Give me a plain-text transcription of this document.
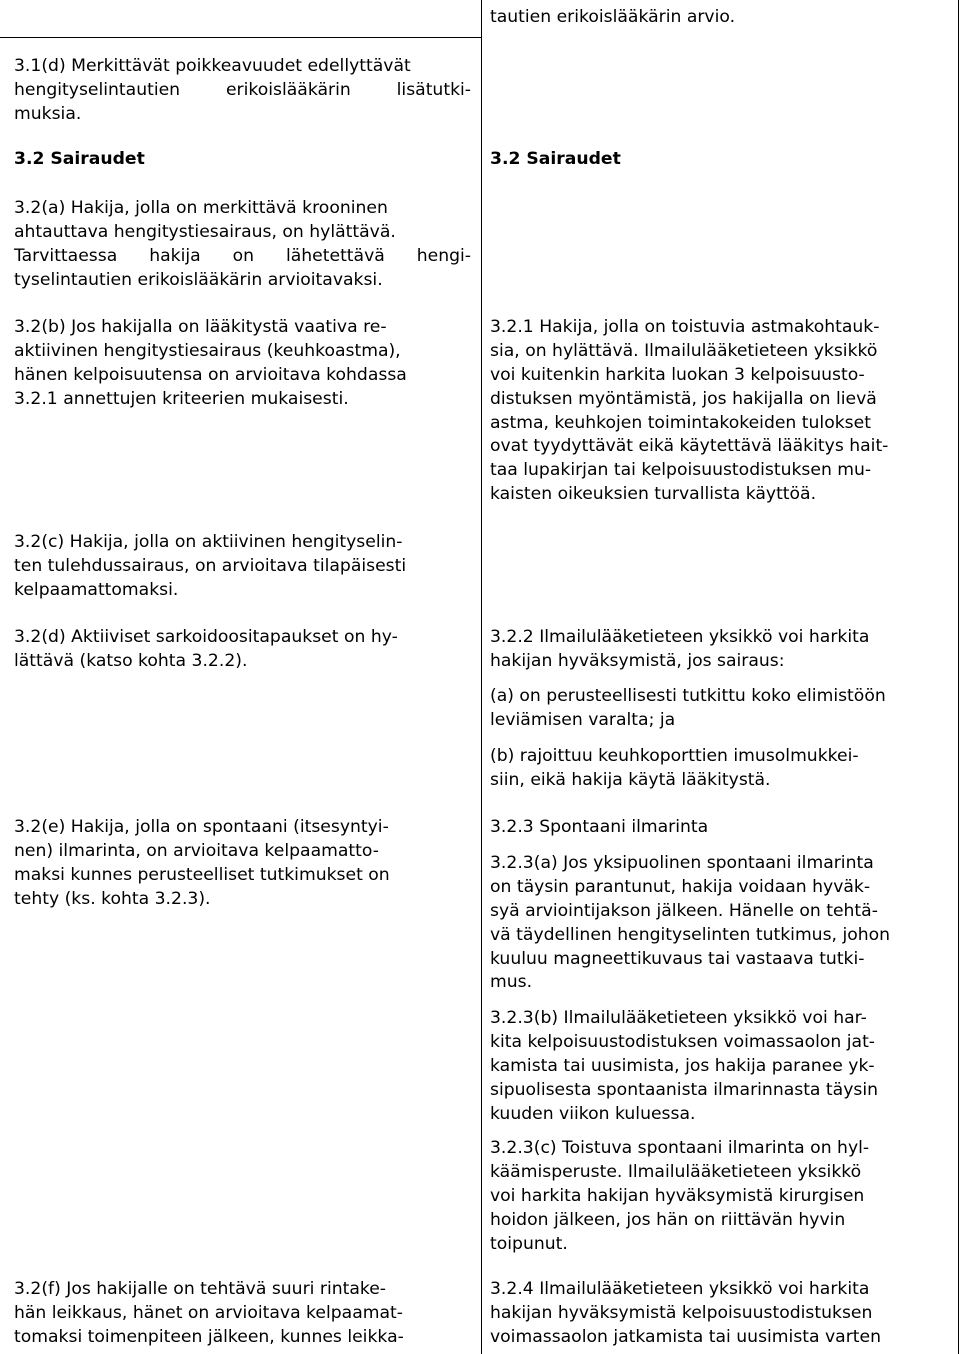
3.1(d) Merkittävät poikkeavuudet edellyttävät
hengityselintautien	erikoislääkärin	lisätutki-
muksia.
3.2 Sairaudet
3.2(a) Hakija, jolla on merkittävä krooninen
ahtauttava hengitystiesairaus, on hylättävä.
Tarvittaessa hakija on lähetettävä hengi-
tyselintautien erikoislääkärin arvioitavaksi.
3.2(b) Jos hakijalla on lääkitystä vaativa re-
aktiivinen hengitystiesairaus (keuhkoastma),
hänen kelpoisuutensa on arvioitava kohdassa
3.2.1 annettujen kriteerien mukaisesti.
3.2(c) Hakija, jolla on aktiivinen hengityselin-
ten tulehdussairaus, on arvioitava tilapäisesti
kelpaamattomaksi.
3.2(d) Aktiiviset sarkoidoositapaukset on hy-
lättävä (katso kohta 3.2.2).
3.2(e) Hakija, jolla on spontaani (itsesyntyi-
nen) ilmarinta, on arvioitava kelpaamatto-
maksi kunnes perusteelliset tutkimukset on
tehty (ks. kohta 3.2.3).
3.2(f) Jos hakijalle on tehtävä suuri rintake-
hän leikkaus, hänet on arvioitava kelpaamat-
tomaksi toimenpiteen jälkeen, kunnes leikka-
tautien erikoislääkärin arvio.
3.2 Sairaudet
3.2.1 Hakija, jolla on toistuvia astmakohtauk-
sia, on hylättävä. Ilmailulääketieteen yksikkö
voi kuitenkin harkita luokan 3 kelpoisuusto-
distuksen myöntämistä, jos hakijalla on lievä
astma, keuhkojen toimintakokeiden tulokset
ovat tyydyttävät eikä käytettävä lääkitys hait-
taa lupakirjan tai kelpoisuustodistuksen mu-
kaisten oikeuksien turvallista käyttöä.
3.2.2 Ilmailulääketieteen yksikkö voi harkita
hakijan hyväksymistä, jos sairaus:
(a) on perusteellisesti tutkittu koko elimistöön
leviämisen varalta; ja
(b) rajoittuu keuhkoporttien imusolmukkei-
siin, eikä hakija käytä lääkitystä.
3.2.3 Spontaani ilmarinta
3.2.3(a) Jos yksipuolinen spontaani ilmarinta
on täysin parantunut, hakija voidaan hyväk-
syä arviointijakson jälkeen. Hänelle on tehtä-
vä täydellinen hengityselinten tutkimus, johon
kuuluu magneettikuvaus tai vastaava tutki-
mus.
3.2.3(b) Ilmailulääketieteen yksikkö voi har-
kita kelpoisuustodistuksen voimassaolon jat-
kamista tai uusimista, jos hakija paranee yk-
sipuolisesta spontaanista ilmarinnasta täysin
kuuden viikon kuluessa.
3.2.3(c) Toistuva spontaani ilmarinta on hyl-
käämisperuste. Ilmailulääketieteen yksikkö
voi harkita hakijan hyväksymistä kirurgisen
hoidon jälkeen, jos hän on riittävän hyvin
toipunut.
3.2.4 Ilmailulääketieteen yksikkö voi harkita
hakijan hyväksymistä kelpoisuustodistuksen
voimassaolon jatkamista tai uusimista varten
